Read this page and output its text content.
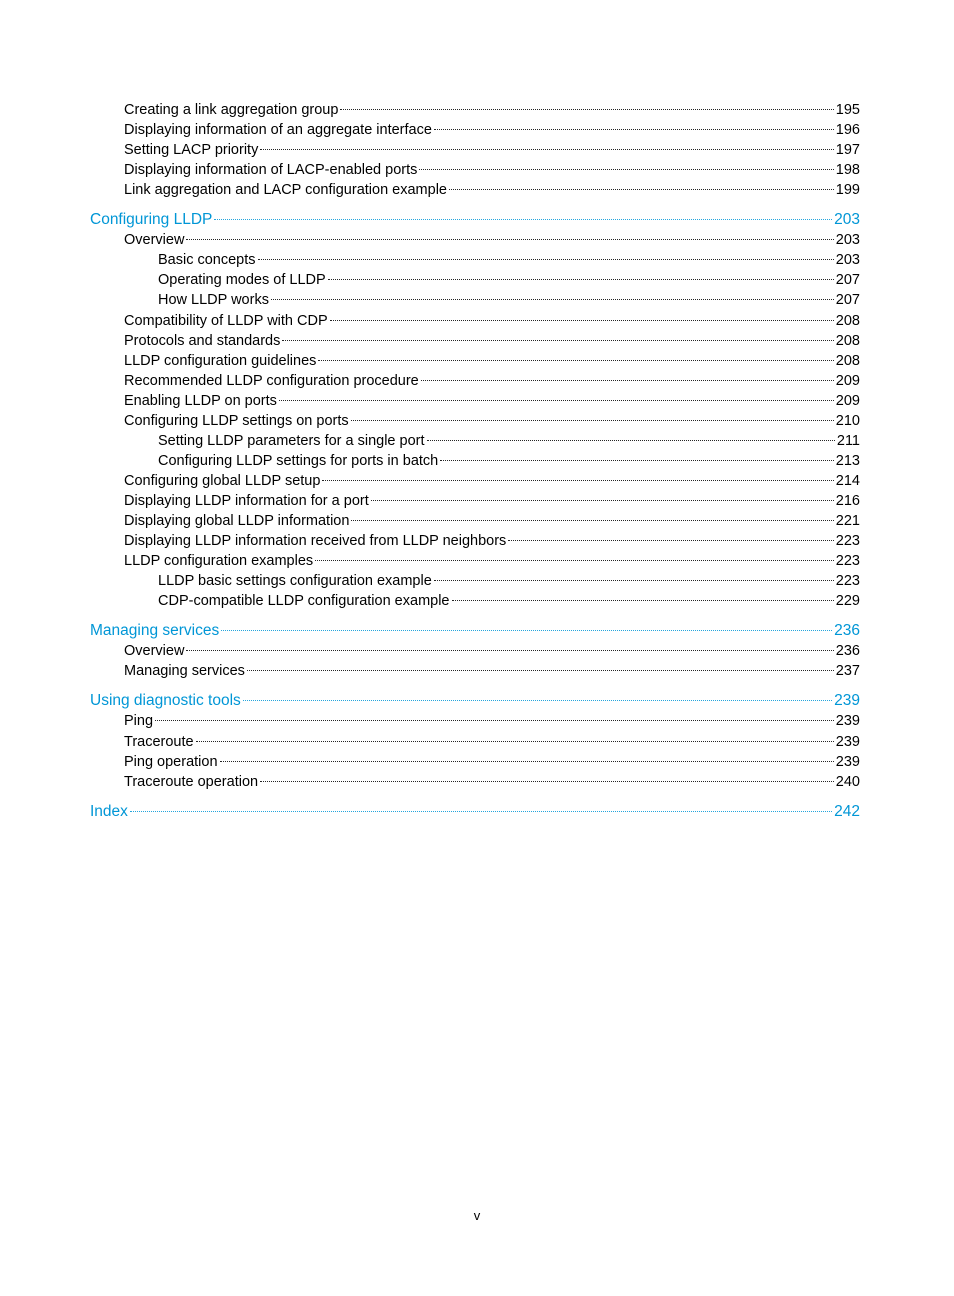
Creating a link aggregation group	195
Displaying information of an aggregate interface	196
Setting LACP priority	197
Displaying information of LACP-enabled ports	198
Link aggregation and LACP configuration example	199
Configuring LLDP	203
Overview	203
Basic concepts	203
Operating modes of LLDP	207
How LLDP works	207
Compatibility of LLDP with CDP	208
Protocols and standards	208
LLDP configuration guidelines	208
Recommended LLDP configuration procedure	209
Enabling LLDP on ports	209
Configuring LLDP settings on ports	210
Setting LLDP parameters for a single port	211
Configuring LLDP settings for ports in batch	213
Configuring global LLDP setup	214
Displaying LLDP information for a port	216
Displaying global LLDP information	221
Displaying LLDP information received from LLDP neighbors	223
LLDP configuration examples	223
LLDP basic settings configuration example	223
CDP-compatible LLDP configuration example	229
Managing services	236
Overview	236
Managing services	237
Using diagnostic tools	239
Ping	239
Traceroute	239
Ping operation	239
Traceroute operation	240
Index	242
v
